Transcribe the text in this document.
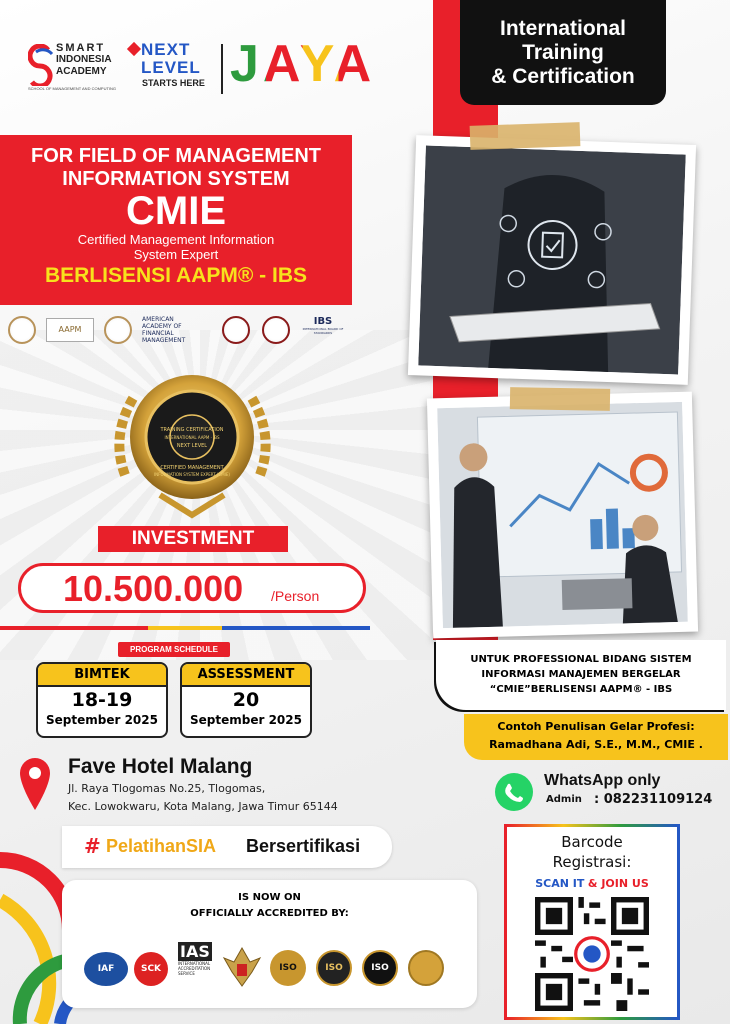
SMART
INDONESIA
ACADEMY
SCHOOL OF MANAGEMENT AND COMPUTING
NEXT
LEVEL
STARTS HERE JAYA
International
Training
& Certification
FOR FIELD OF MANAGEMENT
INFORMATION SYSTEM
CMIE
Certified Management Information
System Expert
BERLISENSI AAPM® - IBS
AAPM
AMERICAN
ACADEMY OF
FINANCIAL
MANAGEMENT
IBS
INTERNATIONAL BOARD OF STANDARDS
TRAINING CERTIFICATION
INTERNATIONAL AAPM · IBS
NEXT LEVEL
CERTIFIED MANAGEMENT
INFORMATION SYSTEM EXPERT (CMIE)
INVESTMENT
10.500.000 /Person
PROGRAM SCHEDULE
BIMTEK
18-19
September 2025
ASSESSMENT
20
September 2025
Fave Hotel Malang
Jl. Raya Tlogomas No.25, Tlogomas,
Kec. Lowokwaru, Kota Malang, Jawa Timur 65144
# PelatihanSIA Bersertifikasi
IS NOW ON
OFFICIALLY ACCREDITED BY:
IAF	SCK
IAS
INTERNATIONAL ACCREDITATION SERVICE
ISO	ISO	ISO
UNTUK PROFESSIONAL BIDANG SISTEM
INFORMASI MANAJEMEN BERGELAR
“CMIE”BERLISENSI AAPM® - IBS
Contoh Penulisan Gelar Profesi:
Ramadhana Adi, S.E., M.M., CMIE .
WhatsApp only
Admin : 082231109124
Barcode
Registrasi:
SCAN IT & JOIN US
